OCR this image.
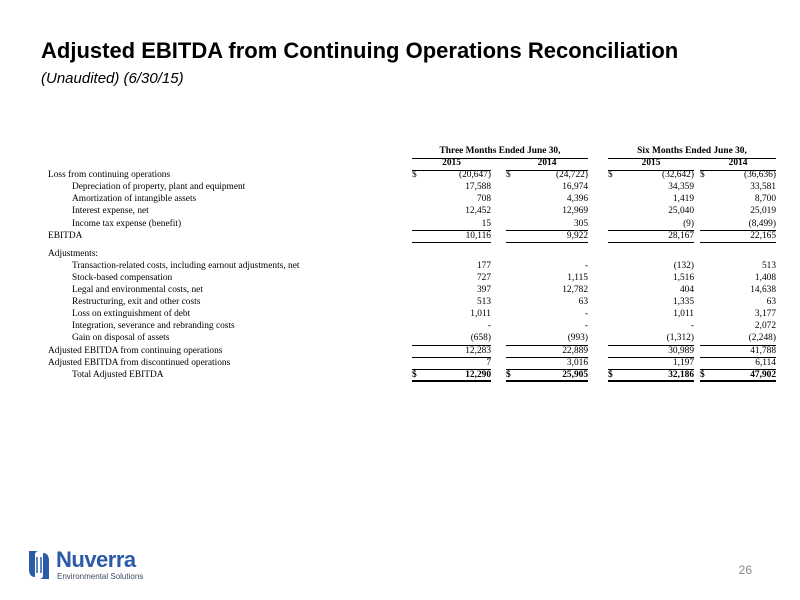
Adjusted EBITDA from Continuing Operations Reconciliation
(Unaudited) (6/30/15)
Three Months Ended June 30,	Six Months Ended June 30,
2015	2014	2015	2014
Loss from continuing operations	$	(20,647) $	(24,722) $	(32,642) $	(36,636)
Depreciation of property, plant and equipment	17,588	16,974	34,359	33,581
Amortization of intangible assets	708	4,396	1,419	8,700
Interest expense, net	12,452	12,969	25,040	25,019
Income tax expense (benefit)	15	305	(9)	(8,499)
EBITDA	10,116	9,922	28,167	22,165
Adjustments:
Transaction-related costs, including earnout adjustments, net	177	-	(132)	513
Stock-based compensation	727	1,115	1,516	1,408
Legal and environmental costs, net	397	12,782	404	14,638
Restructuring, exit and other costs	513	63	1,335	63
Loss on extinguishment of debt	1,011	-	1,011	3,177
Integration, severance and rebranding costs	-	-	-	2,072
Gain on disposal of assets	(658)	(993)	(1,312)	(2,248)
Adjusted EBITDA from continuing operations	12,283	22,889	30,989	41,788
Adjusted EBITDA from discontinued operations	7	3,016	1,197	6,114
Total Adjusted EBITDA	$	12,290 $	25,905 $	32,186 $	47,902
Nuverra
Environmental Solutions	26
